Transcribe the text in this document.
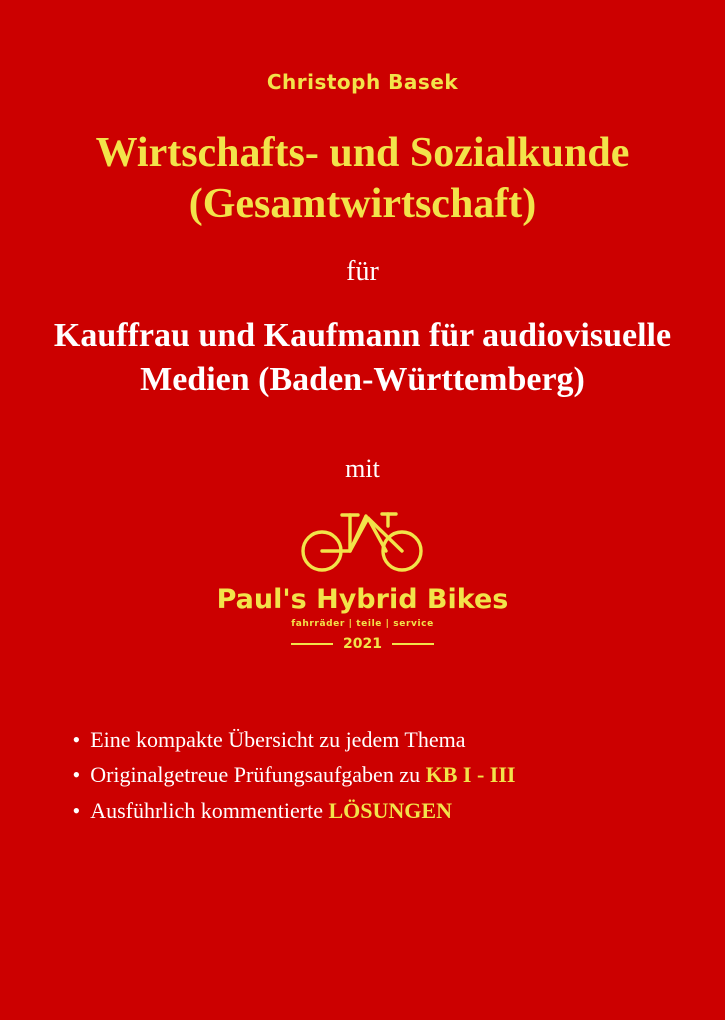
Christoph Basek
Wirtschafts- und Sozialkunde (Gesamtwirtschaft)
für
Kauffrau und Kaufmann für audiovisuelle Medien (Baden-Württemberg)
mit
Paul's Hybrid Bikes
fahrräder | teile | service
2021
• Eine kompakte Übersicht zu jedem Thema
• Originalgetreue Prüfungsaufgaben zu KB I - III
• Ausführlich kommentierte LÖSUNGEN
